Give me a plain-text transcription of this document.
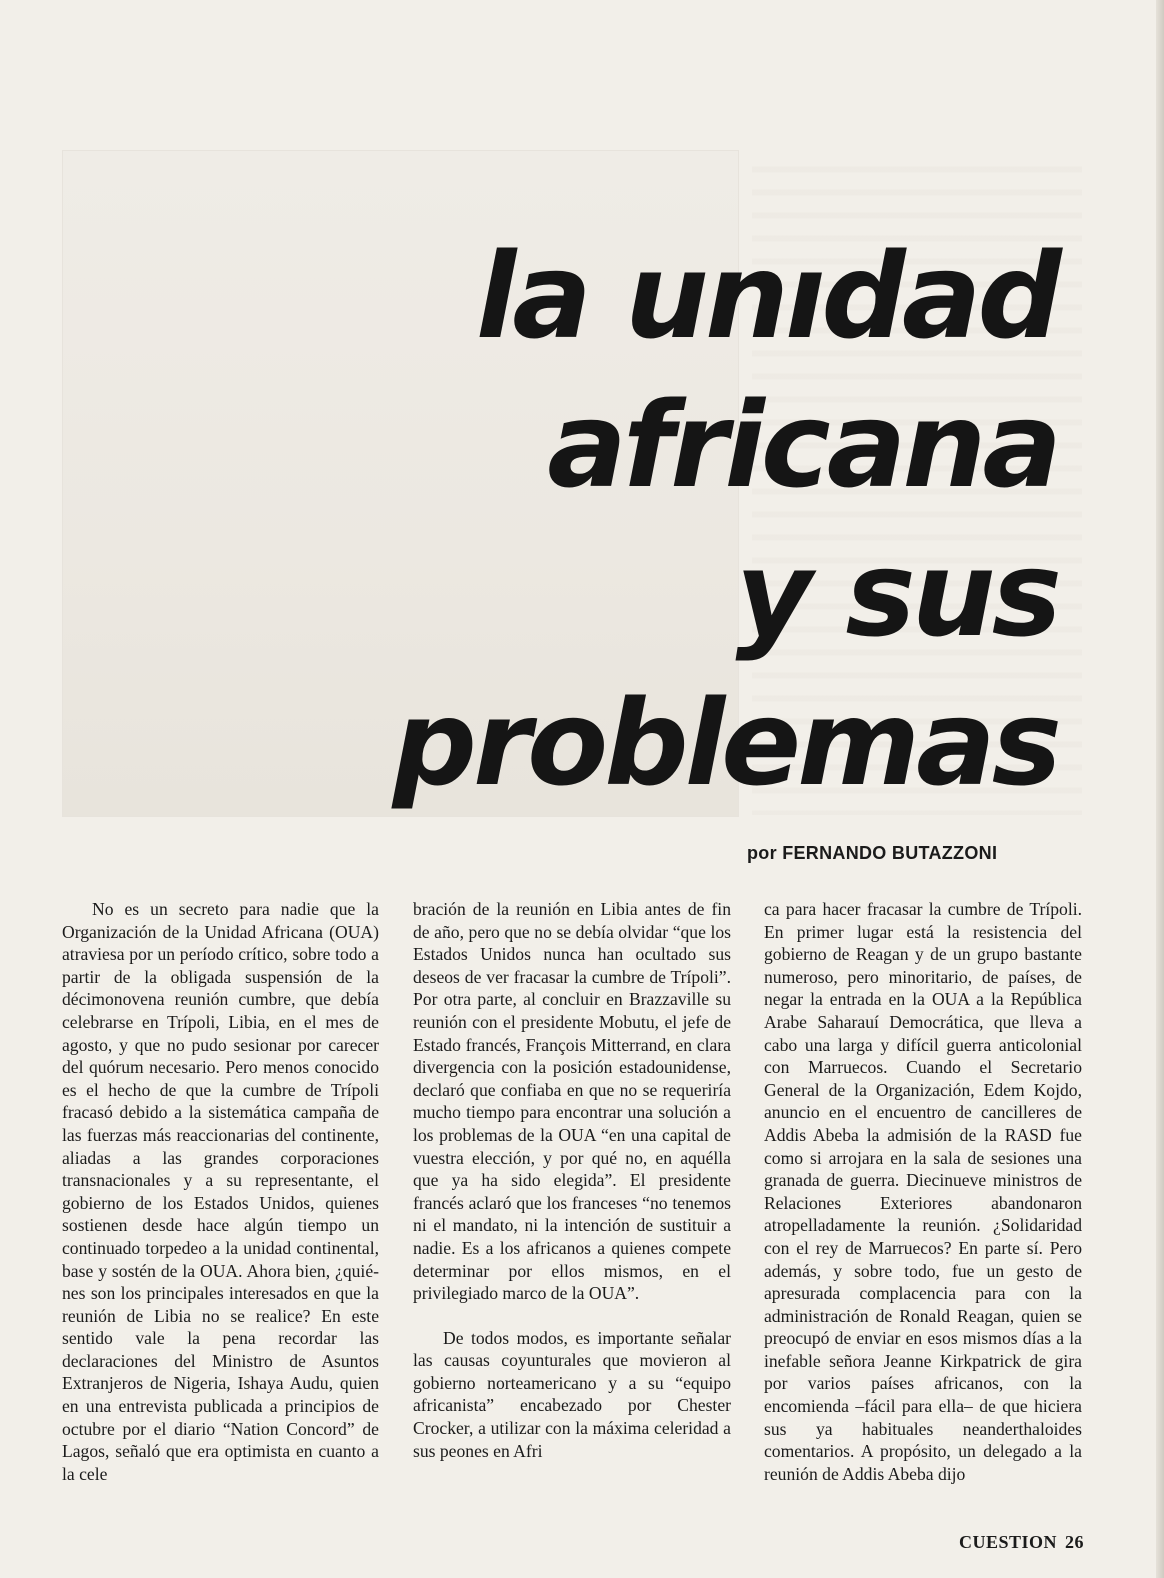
la unıdad
africana
y sus
problemas
por FERNANDO BUTAZZONI

No es un secreto para nadie que la Organización de la Unidad Africana (OUA) atraviesa por un período crítico, sobre todo a partir de la obligada suspensión de la décimonovena reunión cumbre, que debía celebrarse en Trípoli, Libia, en el mes de agosto, y que no pudo sesionar por carecer del quórum necesario. Pero menos conocido es el hecho de que la cumbre de Trípoli fracasó debido a la sistemática campaña de las fuerzas más reaccionarias del continente, aliadas a las grandes corporaciones transnacionales y a su representante, el gobierno de los Estados Unidos, quienes sostienen desde hace algún tiempo un continuado torpedeo a la unidad continental, base y sostén de la OUA. Ahora bien, ¿quiénes son los principales interesados en que la reunión de Libia no se realice? En este sentido vale la pena recordar las declaraciones del Ministro de Asuntos Extranjeros de Nigeria, Ishaya Audu, quien en una entrevista publicada a principios de octubre por el diario “Nation Concord” de Lagos, señaló que era optimista en cuanto a la cele

bración de la reunión en Libia antes de fin de año, pero que no se debía olvidar “que los Estados Unidos nunca han ocultado sus deseos de ver fracasar la cumbre de Trípoli”. Por otra parte, al concluir en Brazzaville su reunión con el presidente Mobutu, el jefe de Estado francés, François Mitterrand, en clara divergencia con la posición estadounidense, declaró que confiaba en que no se requeriría mucho tiempo para encontrar una solución a los problemas de la OUA “en una capital de vuestra elección, y por qué no, en aquélla que ya ha sido elegida”. El presidente francés aclaró que los franceses “no tenemos ni el mandato, ni la intención de sustituir a nadie. Es a los africanos a quienes compete determinar por ellos mismos, en el privilegiado marco de la OUA”.

De todos modos, es importante señalar las causas coyunturales que movieron al gobierno norteamericano y a su “equipo africanista” encabezado por Chester Crocker, a utilizar con la máxima celeridad a sus peones en Afri

ca para hacer fracasar la cumbre de Trípoli. En primer lugar está la resistencia del gobierno de Reagan y de un grupo bastante numeroso, pero minoritario, de países, de negar la entrada en la OUA a la República Arabe Saharauí Democrática, que lleva a cabo una larga y difícil guerra anticolonial con Marruecos. Cuando el Secretario General de la Organización, Edem Kojdo, anuncio en el encuentro de cancilleres de Addis Abeba la admisión de la RASD fue como si arrojara en la sala de sesiones una granada de guerra. Diecinueve ministros de Relaciones Exteriores abandonaron atropelladamente la reunión. ¿Solidaridad con el rey de Marruecos? En parte sí. Pero además, y sobre todo, fue un gesto de apresurada complacencia para con la administración de Ronald Reagan, quien se preocupó de enviar en esos mismos días a la inefable señora Jeanne Kirkpatrick de gira por varios países africanos, con la encomienda –fácil para ella– de que hiciera sus ya habituales neanderthaloides comentarios. A propósito, un delegado a la reunión de Addis Abeba dijo

CUESTION 26
